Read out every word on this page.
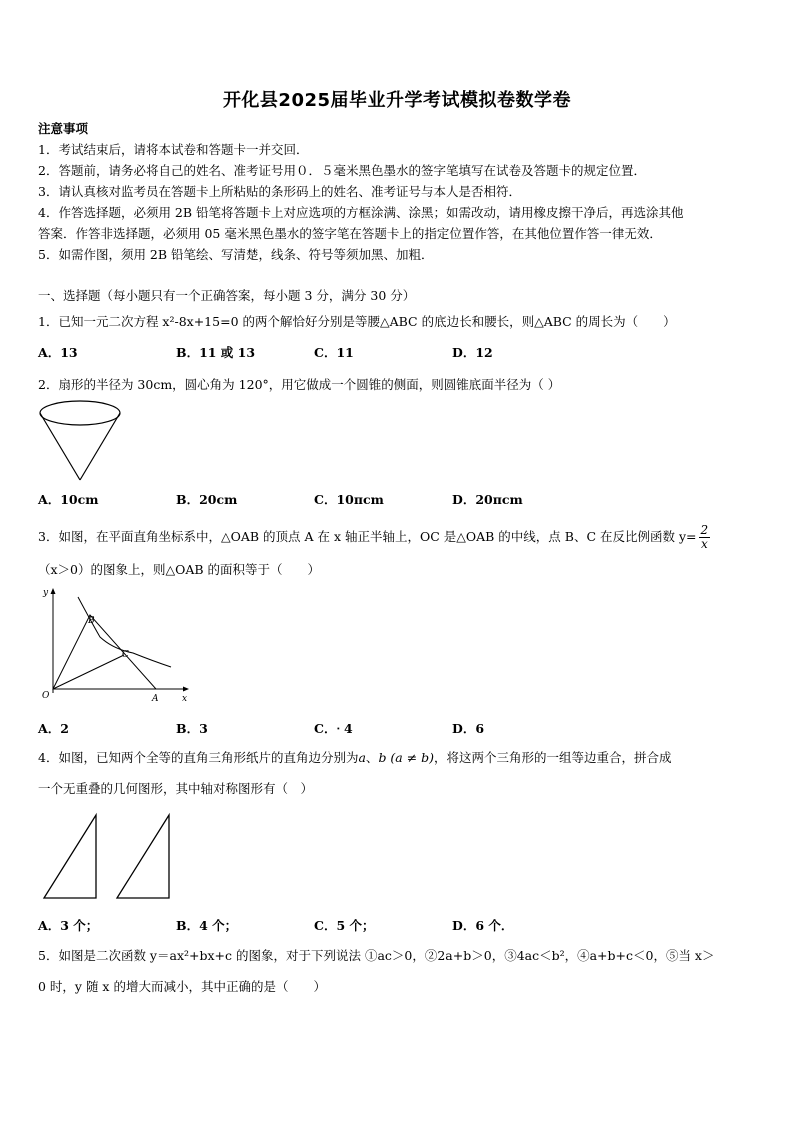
开化县2025届毕业升学考试模拟卷数学卷
注意事项
1．考试结束后，请将本试卷和答题卡一并交回．
2．答题前，请务必将自己的姓名、准考证号用０．５毫米黑色墨水的签字笔填写在试卷及答题卡的规定位置．
3．请认真核对监考员在答题卡上所粘贴的条形码上的姓名、准考证号与本人是否相符．
4．作答选择题，必须用 2B 铅笔将答题卡上对应选项的方框涂满、涂黑；如需改动，请用橡皮擦干净后，再选涂其他
答案．作答非选择题，必须用 05 毫米黑色墨水的签字笔在答题卡上的指定位置作答，在其他位置作答一律无效．
5．如需作图，须用 2B 铅笔绘、写清楚，线条、符号等须加黑、加粗．
一、选择题（每小题只有一个正确答案，每小题 3 分，满分 30 分）
1．已知一元二次方程 x²-8x+15=0 的两个解恰好分别是等腰△ABC 的底边长和腰长，则△ABC 的周长为（　　）
A．13	B．11 或 13	C．11	D．12
2．扇形的半径为 30cm，圆心角为 120°，用它做成一个圆锥的侧面，则圆锥底面半径为（ ）
A．10cm	B．20cm	C．10πcm	D．20πcm
3．如图，在平面直角坐标系中，△OAB 的顶点 A 在 x 轴正半轴上，OC 是△OAB 的中线，点 B、C 在反比例函数 $y= \frac{2}{x}$
（x＞0）的图象上，则△OAB 的面积等于（　　）
y
x
O	A
B
C
A．2	B．3	C．ᐧ 4	D．6
4．如图，已知两个全等的直角三角形纸片的直角边分别为a、b (a ≠ b)，将这两个三角形的一组等边重合，拼合成
一个无重叠的几何图形，其中轴对称图形有（　）
A．3 个；	B．4 个；	C．5 个；	D．6 个．
5．如图是二次函数 y＝ax²+bx+c 的图象，对于下列说法 ①ac＞0，②2a+b＞0，③4ac＜b²，④a+b+c＜0，⑤当 x＞
0 时，y 随 x 的增大而减小，其中正确的是（　　）
